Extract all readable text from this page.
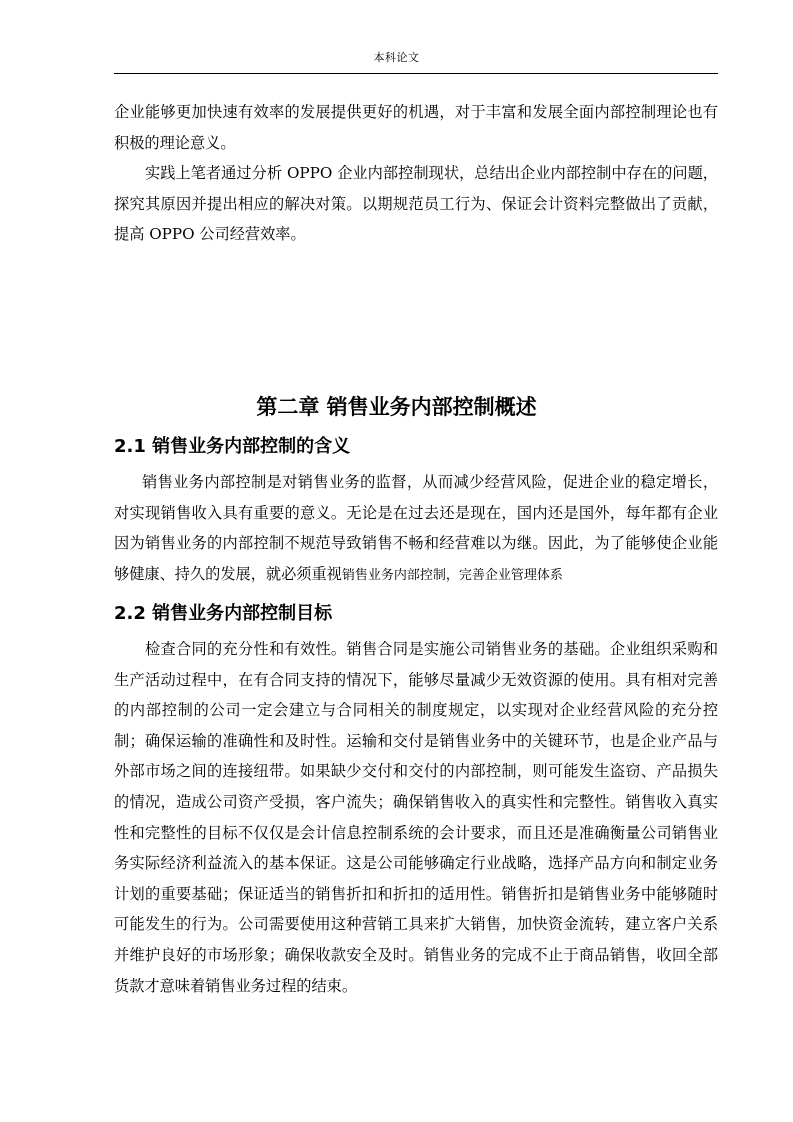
本科论文

企业能够更加快速有效率的发展提供更好的机遇，对于丰富和发展全面内部控制理论也有积极的理论意义。

实践上笔者通过分析 OPPO 企业内部控制现状，总结出企业内部控制中存在的问题，探究其原因并提出相应的解决对策。以期规范员工行为、保证会计资料完整做出了贡献，提高 OPPO 公司经营效率。

第二章 销售业务内部控制概述
2.1 销售业务内部控制的含义

销售业务内部控制是对销售业务的监督，从而减少经营风险，促进企业的稳定增长，对实现销售收入具有重要的意义。无论是在过去还是现在，国内还是国外，每年都有企业因为销售业务的内部控制不规范导致销售不畅和经营难以为继。因此，为了能够使企业能够健康、持久的发展，就必须重视销售业务内部控制，完善企业管理体系

2.2 销售业务内部控制目标

检查合同的充分性和有效性。销售合同是实施公司销售业务的基础。企业组织采购和生产活动过程中，在有合同支持的情况下，能够尽量减少无效资源的使用。具有相对完善的内部控制的公司一定会建立与合同相关的制度规定，以实现对企业经营风险的充分控制；确保运输的准确性和及时性。运输和交付是销售业务中的关键环节，也是企业产品与外部市场之间的连接纽带。如果缺少交付和交付的内部控制，则可能发生盗窃、产品损失的情况，造成公司资产受损，客户流失；确保销售收入的真实性和完整性。销售收入真实性和完整性的目标不仅仅是会计信息控制系统的会计要求，而且还是准确衡量公司销售业务实际经济利益流入的基本保证。这是公司能够确定行业战略，选择产品方向和制定业务计划的重要基础；保证适当的销售折扣和折扣的适用性。销售折扣是销售业务中能够随时可能发生的行为。公司需要使用这种营销工具来扩大销售，加快资金流转，建立客户关系并维护良好的市场形象；确保收款安全及时。销售业务的完成不止于商品销售，收回全部货款才意味着销售业务过程的结束。
